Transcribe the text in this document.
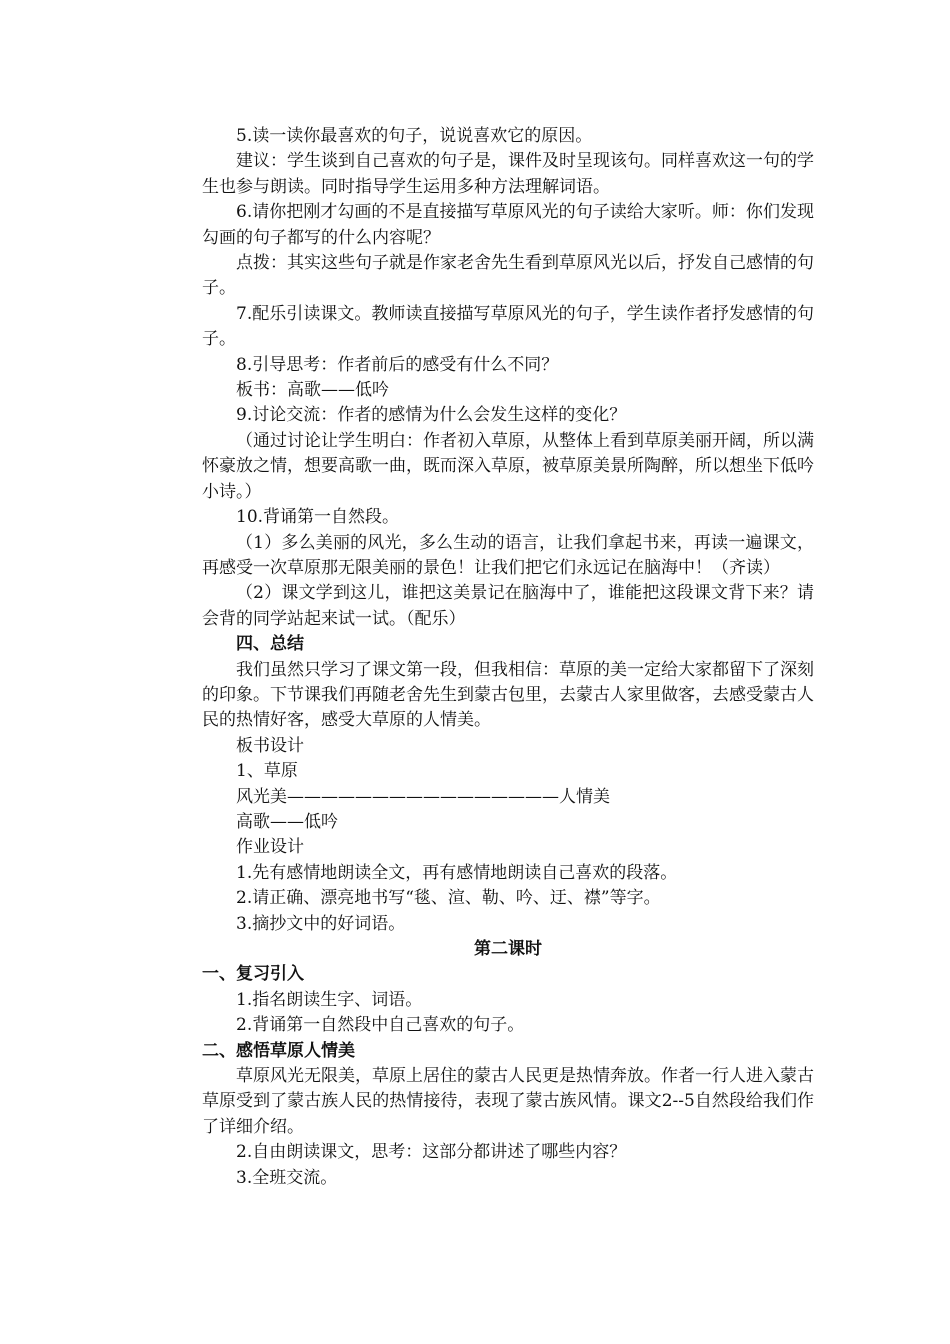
5.读一读你最喜欢的句子，说说喜欢它的原因。

建议：学生谈到自己喜欢的句子是，课件及时呈现该句。同样喜欢这一句的学生也参与朗读。同时指导学生运用多种方法理解词语。

6.请你把刚才勾画的不是直接描写草原风光的句子读给大家听。师：你们发现勾画的句子都写的什么内容呢？

点拨：其实这些句子就是作家老舍先生看到草原风光以后，抒发自己感情的句子。

7.配乐引读课文。教师读直接描写草原风光的句子，学生读作者抒发感情的句子。

8.引导思考：作者前后的感受有什么不同？

板书：高歌——低吟

9.讨论交流：作者的感情为什么会发生这样的变化？

（通过讨论让学生明白：作者初入草原，从整体上看到草原美丽开阔，所以满怀豪放之情，想要高歌一曲，既而深入草原，被草原美景所陶醉，所以想坐下低吟小诗。）

10.背诵第一自然段。

（1）多么美丽的风光，多么生动的语言，让我们拿起书来，再读一遍课文，再感受一次草原那无限美丽的景色！让我们把它们永远记在脑海中！（齐读）

（2）课文学到这儿，谁把这美景记在脑海中了，谁能把这段课文背下来？请会背的同学站起来试一试。（配乐）

四、总结

我们虽然只学习了课文第一段，但我相信：草原的美一定给大家都留下了深刻的印象。下节课我们再随老舍先生到蒙古包里，去蒙古人家里做客，去感受蒙古人民的热情好客，感受大草原的人情美。

板书设计

1、草原

风光美————————————————人情美

高歌——低吟

作业设计

1.先有感情地朗读全文，再有感情地朗读自己喜欢的段落。

2.请正确、漂亮地书写“毯、渲、勒、吟、迂、襟”等字。

3.摘抄文中的好词语。

第二课时

一、复习引入

1.指名朗读生字、词语。

2.背诵第一自然段中自己喜欢的句子。

二、感悟草原人情美

草原风光无限美，草原上居住的蒙古人民更是热情奔放。作者一行人进入蒙古草原受到了蒙古族人民的热情接待，表现了蒙古族风情。课文2--5自然段给我们作了详细介绍。

2.自由朗读课文，思考：这部分都讲述了哪些内容？

3.全班交流。
